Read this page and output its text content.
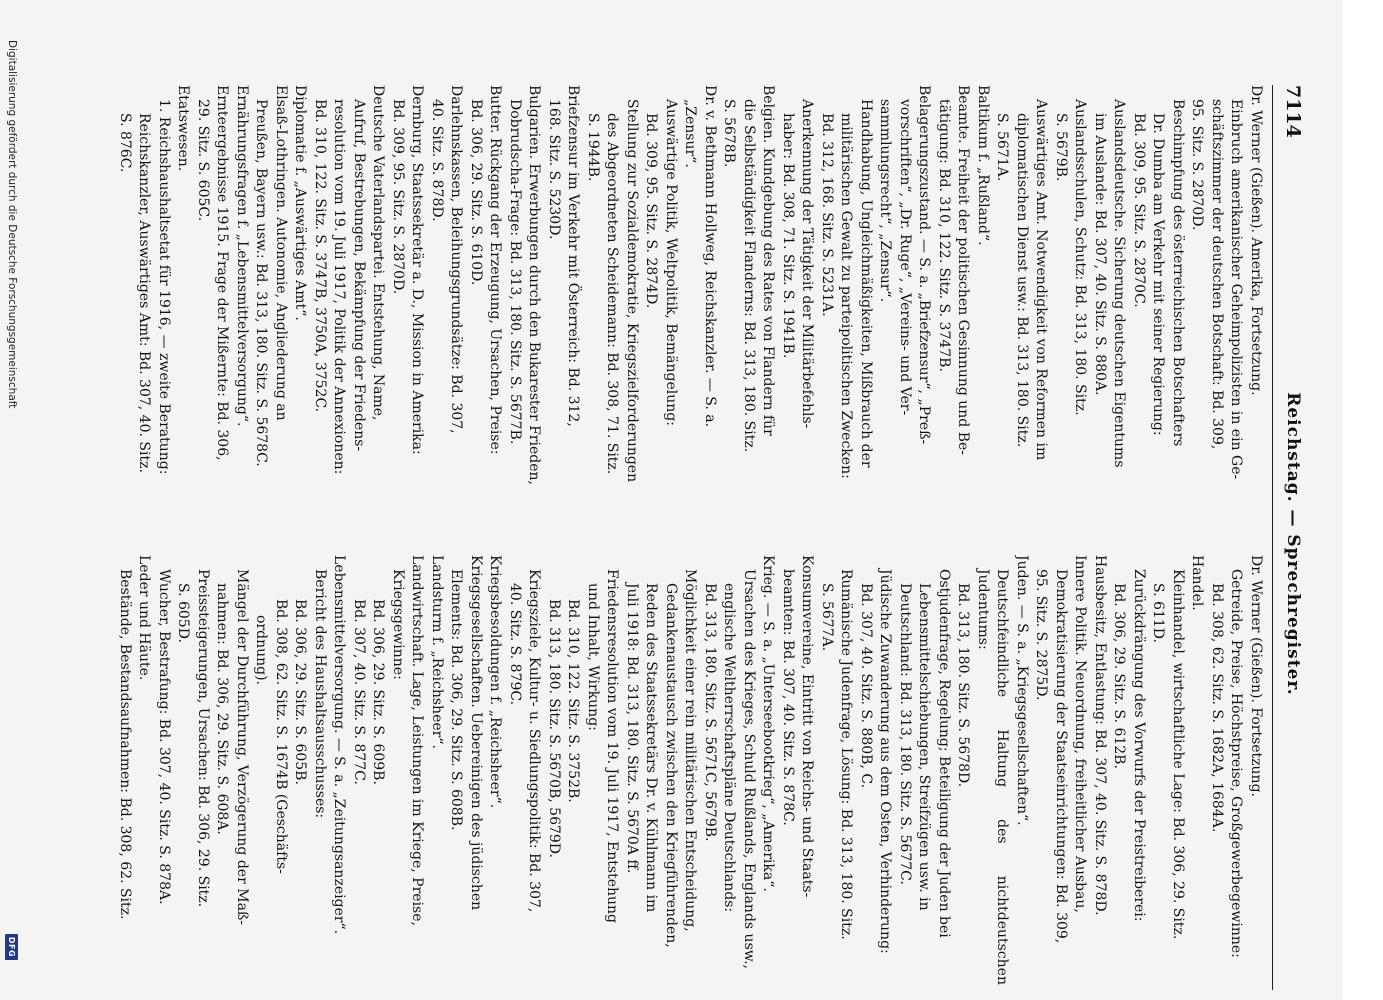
7114
Reichstag. — Sprechregister.

Dr. Werner (Gießen). Amerika, Fortsetzung.

Einbruch amerikanischer Geheimpolizisten in ein Ge-

schäftszimmer der deutschen Botschaft: Bd. 309,

95. Sitz. S. 2870D.

Beschimpfung des österreichischen Botschafters

Dr. Dumba am Verkehr mit seiner Regierung:

Bd. 309, 95. Sitz. S. 2870C.

Auslandsdeutsche. Sicherung deutschen Eigentums

im Auslande: Bd. 307, 40. Sitz. S. 880A.

Auslandsschulen, Schutz: Bd. 313, 180. Sitz.

S. 5679B.

Auswärtiges Amt. Notwendigkeit von Reformen im

diplomatischen Dienst usw.: Bd. 313, 180. Sitz.

S. 5671A.

Baltikum f. „Rußland“.

Beamte. Freiheit der politischen Gesinnung und Be-

tätigung: Bd. 310, 122. Sitz. S. 3747B.

Belagerungszustand. — S. a. „Briefzensur“, „Preß-

vorschriften“, „Dr. Ruge“, „Vereins- und Ver-

sammlungsrecht“, „Zensur“.

Handhabung, Ungleichmäßigkeiten, Mißbrauch der

militärischen Gewalt zu parteipolitischen Zwecken:

Bd. 312, 168. Sitz. S. 5231A.

Anerkennung der Tätigkeit der Militärbefehls-

haber: Bd. 308, 71. Sitz. S. 1941B.

Belgien. Kundgebung des Rates von Flandern für

die Selbständigkeit Flanderns: Bd. 313, 180. Sitz.

S. 5678B.

Dr. v. Bethmann Hollweg, Reichskanzler. — S. a.

„Zensur“.

Auswärtige Politik, Weltpolitik, Bemängelung:

Bd. 309, 95. Sitz. S. 2874D.

Stellung zur Sozialdemokratie, Kriegszielforderungen

des Abgeordneten Scheidemann: Bd. 308, 71. Sitz.

S. 1944B.

Briefzensur im Verkehr mit Österreich: Bd. 312,

168. Sitz. S. 5230D.

Bulgarien. Erwerbungen durch den Bukarester Frieden,

Dobrudscha-Frage: Bd. 313, 180. Sitz. S. 5677B.

Butter. Rückgang der Erzeugung, Ursachen, Preise:

Bd. 306, 29. Sitz. S. 610D.

Darlehnskassen, Beleihungsgrundsätze: Bd. 307,

40. Sitz. S. 878D.

Dernburg, Staatssekretär a. D., Mission in Amerika:

Bd. 309, 95. Sitz. S. 2870D.

Deutsche Vaterlandspartei. Entstehung, Name,

Aufruf, Bestrebungen, Bekämpfung der Friedens-

resolution vom 19. Juli 1917, Politik der Annexionen:

Bd. 310, 122. Sitz. S. 3747B, 3750A, 3752C.

Diplomatie f. „Auswärtiges Amt“.

Elsaß-Lothringen. Autonomie, Angliederung an

Preußen, Bayern usw.: Bd. 313, 180. Sitz. S. 5678C.

Ernährungsfragen f. „Lebensmittelversorgung“.

Ernteergebnisse 1915. Frage der Mißernte: Bd. 306,

29. Sitz. S. 605C.

Etatswesen.

1. Reichshaushaltsetat für 1916, — zweite Beratung:

Reichskanzler, Auswärtiges Amt: Bd. 307, 40. Sitz.

S. 876C.

Dr. Werner (Gießen). Fortsetzung.

Getreide, Preise, Höchstpreise, Großgewerbegewinne:

Bd. 308, 62. Sitz. S. 1682A, 1684A.

Handel.

Kleinhandel, wirtschaftliche Lage: Bd. 306, 29. Sitz.

S. 611D.

Zurückdrängung des Vorwurfs der Preistreiberei:

Bd. 306, 29. Sitz. S. 612B.

Hausbesitz, Entlastung: Bd. 307, 40. Sitz. S. 878D.

Innere Politik. Neuordnung, freiheitlicher Ausbau,

Demokratisierung der Staatseinrichtungen: Bd. 309,

95. Sitz. S. 2875D.

Juden. — S. a. „Kriegsgesellschaften“.

Deutschfeindliche Haltung des nichtdeutschen Judentums:

Bd. 313, 180. Sitz. S. 5678D.

Ostjudenfrage, Regelung; Beteiligung der Juden bei

Lebensmittelschiebungen, Streifzügen usw. in

Deutschland: Bd. 313, 180. Sitz. S. 5677C.

Jüdische Zuwanderung aus dem Osten, Verhinderung:

Bd. 307, 40. Sitz. S. 880B, C.

Rumänische Judenfrage, Lösung: Bd. 313, 180. Sitz.

S. 5677A.

Konsumvereine, Eintritt von Reichs- und Staats-

beamten: Bd. 307, 40. Sitz. S. 878C.

Krieg. — S. a. „Unterseebootkrieg“, „Amerika“.

Ursachen des Krieges, Schuld Rußlands, Englands usw.,

englische Weltherrschaftspläne Deutschlands:

Bd. 313, 180. Sitz. S. 5671C, 5679B.

Möglichkeit einer rein militärischen Entscheidung,

Gedankenaustausch zwischen den Kriegführenden,

Reden des Staatssekretärs Dr. v. Kühlmann im

Juli 1918: Bd. 313, 180. Sitz. S. 5670A ff.

Friedensresolution vom 19. Juli 1917, Entstehung

und Inhalt, Wirkung:

Bd. 310, 122. Sitz. S. 3752B.

Bd. 313, 180. Sitz. S. 5670B, 5679D.

Kriegsziele, Kultur- u. Siedlungspolitik: Bd. 307,

40. Sitz. S. 879C.

Kriegsbesoldungen f. „Reichsheer“.

Kriegsgesellschaften. Uebereinigen des jüdischen

Elements: Bd. 306, 29. Sitz. S. 608B.

Landsturm f. „Reichsheer“.

Landwirtschaft. Lage, Leistungen im Kriege, Preise,

Kriegsgewinne:

Bd. 306, 29. Sitz. S. 609B.

Bd. 307, 40. Sitz. S. 877C.

Lebensmittelversorgung. — S. a. „Zeitungsanzeiger“.

Bericht des Haushaltsausschusses:

Bd. 306, 29. Sitz. S. 605B.

Bd. 308, 62. Sitz. S. 1674B (Geschäfts-

ordnung).

Mängel der Durchführung, Verzögerung der Maß-

nahmen: Bd. 306, 29. Sitz. S. 608A.

Preissteigerungen, Ursachen: Bd. 306, 29. Sitz.

S. 605D.

Wucher, Bestrafung: Bd. 307, 40. Sitz. S. 878A.

Leder und Häute.

Bestände, Bestandsaufnahmen: Bd. 308, 62. Sitz.

Digitalisierung gefördert durch die Deutsche Forschungsgemeinschaft
DFG
